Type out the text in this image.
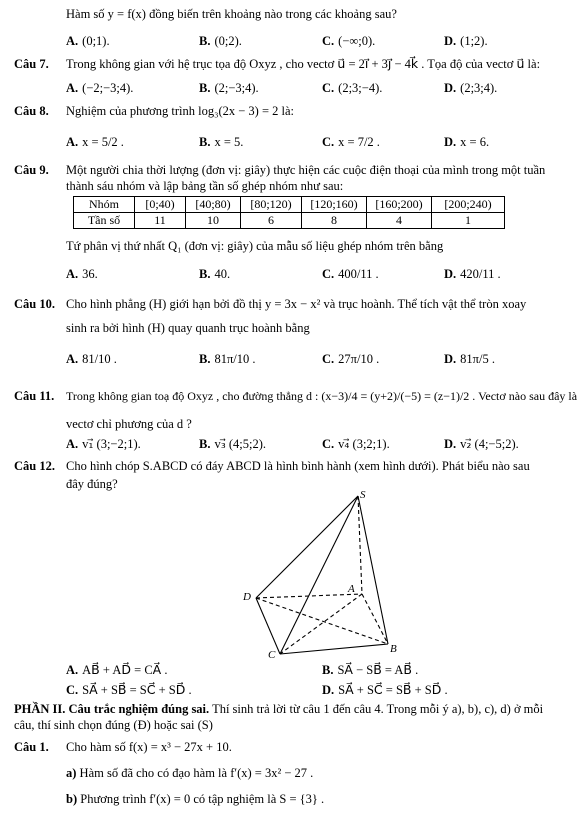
Hàm số y = f(x) đồng biến trên khoảng nào trong các khoảng sau?
A. (0;1).	B. (0;2).	C. (−∞;0).	D. (1;2).
Câu 7. Trong không gian với hệ trục tọa độ Oxyz , cho vectơ u⃗ = 2i⃗ + 3j⃗ − 4k⃗ . Tọa độ của vectơ u⃗ là:
A. (−2;−3;4).	B. (2;−3;4).	C. (2;3;−4).	D. (2;3;4).
Câu 8. Nghiệm của phương trình log₃(2x − 3) = 2 là:
A. x = 5/2 .	B. x = 5.	C. x = 7/2 .	D. x = 6.
Câu 9. Một người chia thời lượng (đơn vị: giây) thực hiện các cuộc điện thoại của mình trong một tuần
thành sáu nhóm và lập bảng tần số ghép nhóm như sau:
Nhóm	[0;40)	[40;80)	[80;120)	[120;160)	[160;200)	[200;240)
Tần số	11	10	6	8	4	1
Tứ phân vị thứ nhất Q₁ (đơn vị: giây) của mẫu số liệu ghép nhóm trên bằng
A. 36.	B. 40.	C. 400/11 .	D. 420/11 .
Câu 10. Cho hình phẳng (H) giới hạn bởi đồ thị y = 3x − x² và trục hoành. Thể tích vật thể tròn xoay
sinh ra bởi hình (H) quay quanh trục hoành bằng
A. 81/10 .	B. 81π/10 .	C. 27π/10 .	D. 81π/5 .
Câu 11. Trong không gian toạ độ Oxyz , cho đường thẳng d : (x−3)/4 = (y+2)/(−5) = (z−1)/2 . Vectơ nào sau đây là
vectơ chỉ phương của d ?
A. v₁⃗ (3;−2;1).	B. v₃⃗ (4;5;2).	C. v₄⃗ (3;2;1).	D. v₂⃗ (4;−5;2).
Câu 12. Cho hình chóp S.ABCD có đáy ABCD là hình bình hành (xem hình dưới). Phát biểu nào sau
đây đúng?
S
A
B
C
D
A. AB⃗ + AD⃗ = CA⃗ .	B. SA⃗ − SB⃗ = AB⃗ .
C. SA⃗ + SB⃗ = SC⃗ + SD⃗ .	D. SA⃗ + SC⃗ = SB⃗ + SD⃗ .
PHẦN II. Câu trắc nghiệm đúng sai. Thí sinh trả lời từ câu 1 đến câu 4. Trong mỗi ý a), b), c), d) ở mỗi
câu, thí sinh chọn đúng (Đ) hoặc sai (S)
Câu 1. Cho hàm số f(x) = x³ − 27x + 10.
a) Hàm số đã cho có đạo hàm là f′(x) = 3x² − 27 .
b) Phương trình f′(x) = 0 có tập nghiệm là S = {3} .
